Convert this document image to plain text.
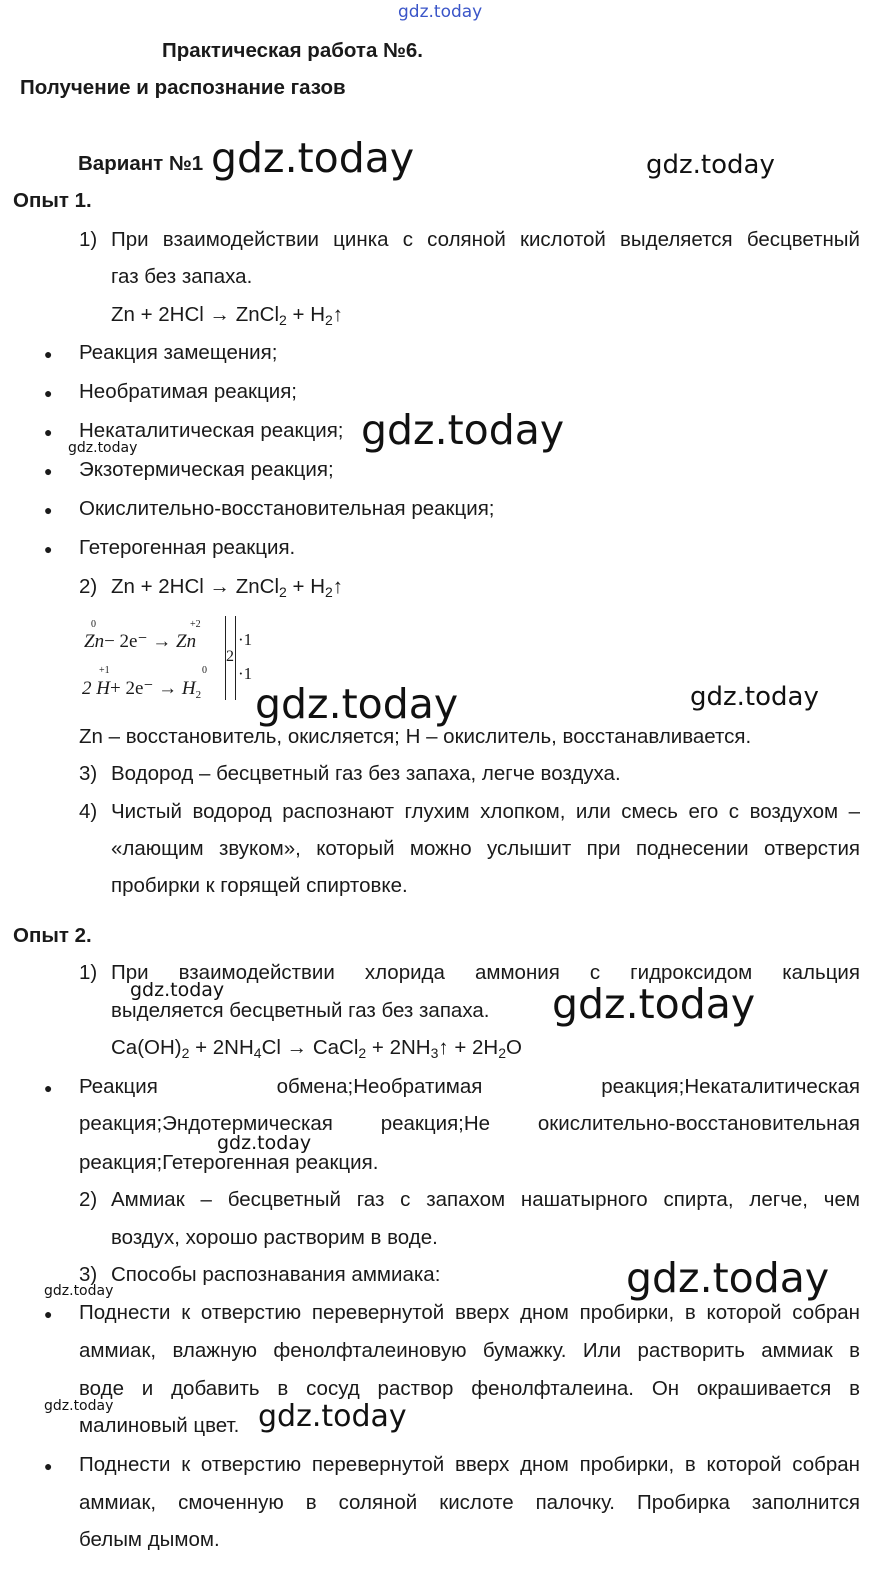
gdz.today
Практическая работа №6.
Получение и распознание газов
Вариант №1 gdz.today	gdz.today
Опыт 1.
1) При взаимодействии цинка с соляной кислотой выделяется бесцветный
газ без запаха.
Zn + 2HCl → ZnCl$_2$ + $H_2↑$
● Реакция замещения;
● Необратимая реакция;
● Некаталитическая реакция; gdz.today
gdz.today
● Экзотермическая реакция;
● Окислительно-восстановительная реакция;
● Гетерогенная реакция.
2) Zn + 2HCl → ZnCl$_2$ + $H_2↑$
0	+2
Zn− 2e⁻ → Zn
+1	0
2 $H+ 2e^- \to H_2$
2
·1
·1
gdz.today	gdz.today
Zn – восстановитель, окисляется; H – окислитель, восстанавливается.
3) Водород – бесцветный газ без запаха, легче воздуха.
4) Чистый водород распознают глухим хлопком, или смесь его с воздухом –
«лающим звуком», который можно услышит при поднесении отверстия
пробирки к горящей спиртовке.
Опыт 2.
1) При взаимодействии хлорида аммония с гидроксидом кальция
gdz.today
выделяется бесцветный газ без запаха. gdz.today
$Ca(OH)_2 + 2NH_4Cl$ → CaCl$_2$ + $2NH_3↑ + 2H_2O$
● Реакция обмена;Необратимая реакция;Некаталитическая
реакция;Эндотермическая реакция;Не окислительно-восстановительная
gdz.today
реакция;Гетерогенная реакция.
2) Аммиак – бесцветный газ с запахом нашатырного спирта, легче, чем
воздух, хорошо растворим в воде.
3) Способы распознавания аммиака:	gdz.today
gdz.today
● Поднести к отверстию перевернутой вверх дном пробирки, в которой собран
аммиак, влажную фенолфталеиновую бумажку. Или растворить аммиак в
воде и добавить в сосуд раствор фенолфталеина. Он окрашивается в
gdz.today
малиновый цвет. gdz.today
● Поднести к отверстию перевернутой вверх дном пробирки, в которой собран
аммиак, смоченную в соляной кислоте палочку. Пробирка заполнится
белым дымом.
